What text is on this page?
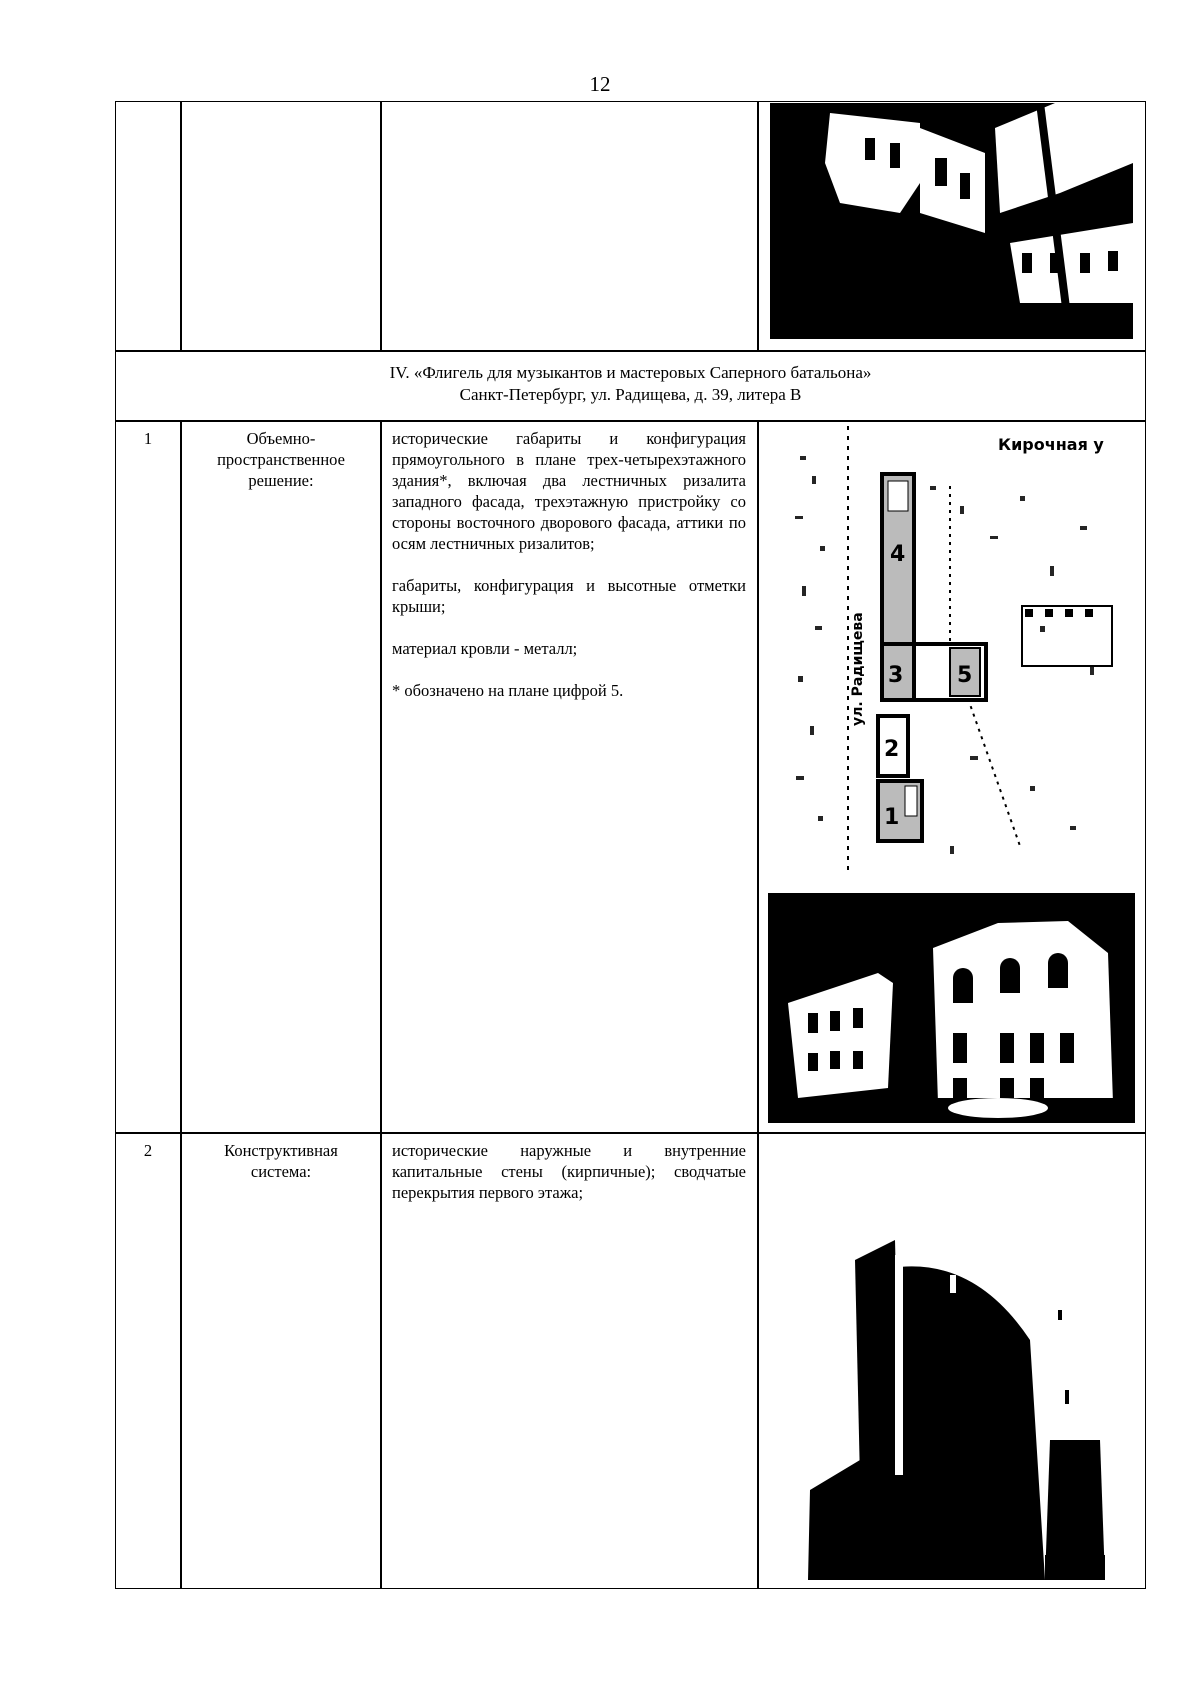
12
IV. «Флигель для музыкантов и мастеровых Саперного батальона»
Санкт-Петербург, ул. Радищева, д. 39, литера В
1	Объемно-
пространственное
решение:

исторические габариты и конфигурация прямоугольного в плане трех-четырехэтажного здания*, включая два лестничных ризалита западного фасада, трехэтажную пристройку со стороны восточного дворового фасада, аттики по осям лестничных ризалитов;

габариты, конфигурация и высотные отметки крыши;

материал кровли - металл;

* обозначено на плане цифрой 5.

4
3 5
2
1
Кирочная у
ул. Радищева
2	Конструктивная
система:

исторические наружные и внутренние капитальные стены (кирпичные); сводчатые перекрытия первого этажа;
